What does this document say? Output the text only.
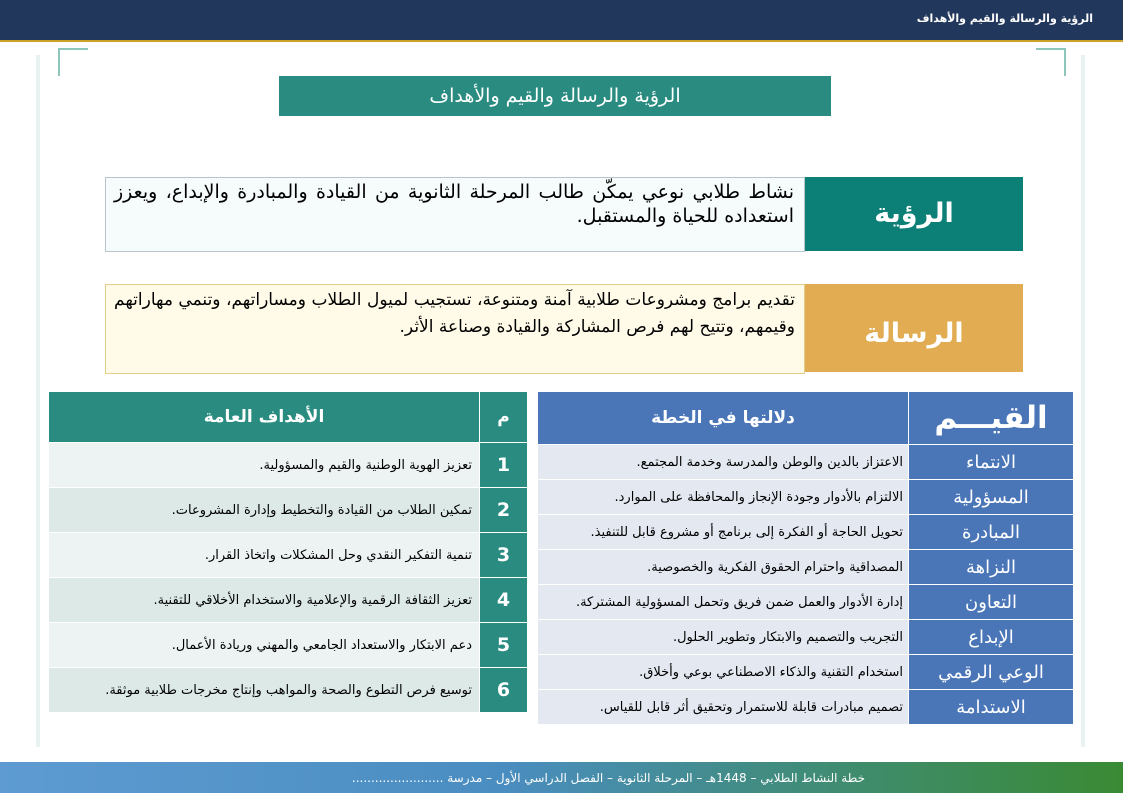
الرؤية والرسالة والقيم والأهداف
الرؤية والرسالة والقيم والأهداف
الرؤية
نشاط طلابي نوعي يمكّن طالب المرحلة الثانوية من القيادة والمبادرة والإبداع، ويعزز استعداده للحياة والمستقبل.
الرسالة
تقديم برامج ومشروعات طلابية آمنة ومتنوعة، تستجيب لميول الطلاب ومساراتهم، وتنمي مهاراتهم وقيمهم، وتتيح لهم فرص المشاركة والقيادة وصناعة الأثر.
القيـــم	دلالتها في الخطة
الانتماء	الاعتزاز بالدين والوطن والمدرسة وخدمة المجتمع.
المسؤولية	الالتزام بالأدوار وجودة الإنجاز والمحافظة على الموارد.
المبادرة	تحويل الحاجة أو الفكرة إلى برنامج أو مشروع قابل للتنفيذ.
النزاهة	المصداقية واحترام الحقوق الفكرية والخصوصية.
التعاون	إدارة الأدوار والعمل ضمن فريق وتحمل المسؤولية المشتركة.
الإبداع	التجريب والتصميم والابتكار وتطوير الحلول.
الوعي الرقمي	استخدام التقنية والذكاء الاصطناعي بوعي وأخلاق.
الاستدامة	تصميم مبادرات قابلة للاستمرار وتحقيق أثر قابل للقياس.
م	الأهداف العامة
1	تعزيز الهوية الوطنية والقيم والمسؤولية.
2	تمكين الطلاب من القيادة والتخطيط وإدارة المشروعات.
3	تنمية التفكير النقدي وحل المشكلات واتخاذ القرار.
4	تعزيز الثقافة الرقمية والإعلامية والاستخدام الأخلاقي للتقنية.
5	دعم الابتكار والاستعداد الجامعي والمهني وريادة الأعمال.
6	توسيع فرص التطوع والصحة والمواهب وإنتاج مخرجات طلابية موثقة.
خطة النشاط الطلابي – 1448هـ – المرحلة الثانوية – الفصل الدراسي الأول – مدرسة ........................
